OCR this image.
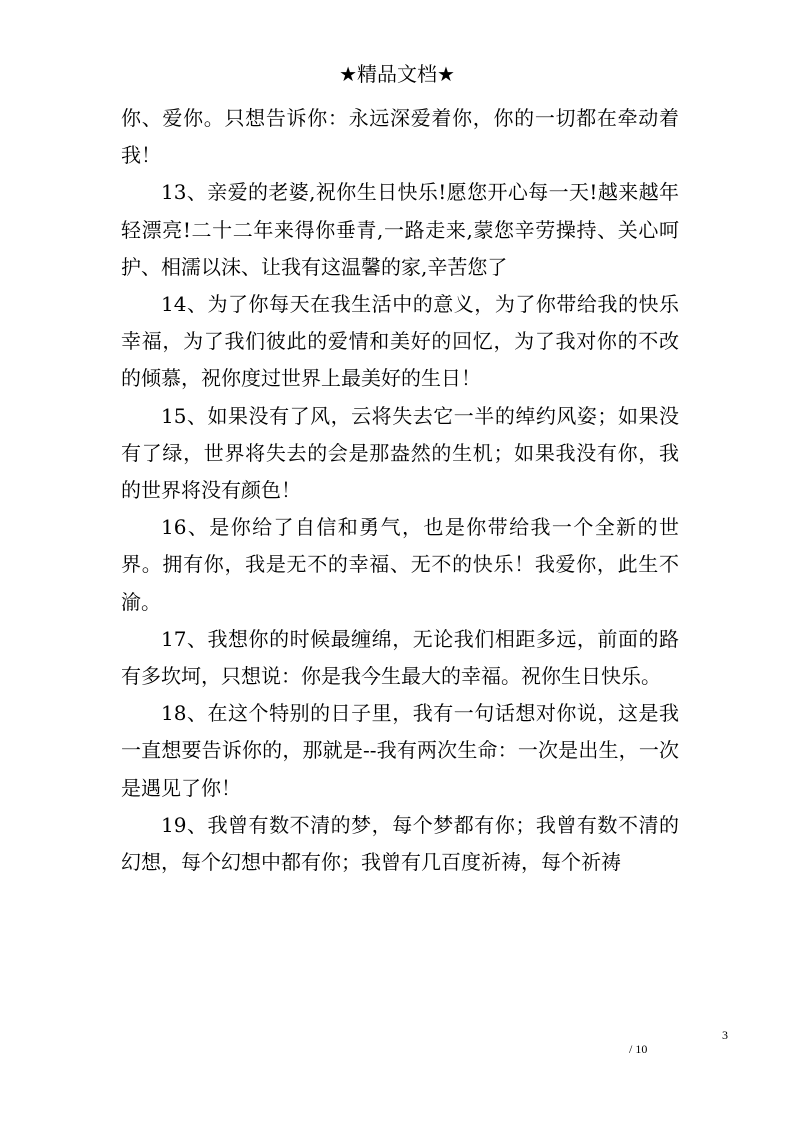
★精品文档★

你、爱你。只想告诉你：永远深爱着你，你的一切都在牵动着我！

13、亲爱的老婆,祝你生日快乐!愿您开心每一天!越来越年轻漂亮!二十二年来得你垂青,一路走来,蒙您辛劳操持、关心呵护、相濡以沫、让我有这温馨的家,辛苦您了

14、为了你每天在我生活中的意义，为了你带给我的快乐幸福，为了我们彼此的爱情和美好的回忆，为了我对你的不改的倾慕，祝你度过世界上最美好的生日！

15、如果没有了风，云将失去它一半的绰约风姿；如果没有了绿，世界将失去的会是那盎然的生机；如果我没有你，我的世界将没有颜色！

16、是你给了自信和勇气，也是你带给我一个全新的世界。拥有你，我是无不的幸福、无不的快乐！我爱你，此生不渝。

17、我想你的时候最缠绵，无论我们相距多远，前面的路有多坎坷，只想说：你是我今生最大的幸福。祝你生日快乐。

18、在这个特别的日子里，我有一句话想对你说，这是我一直想要告诉你的，那就是--我有两次生命：一次是出生，一次是遇见了你！

19、我曾有数不清的梦，每个梦都有你；我曾有数不清的幻想，每个幻想中都有你；我曾有几百度祈祷，每个祈祷

3
/ 10
